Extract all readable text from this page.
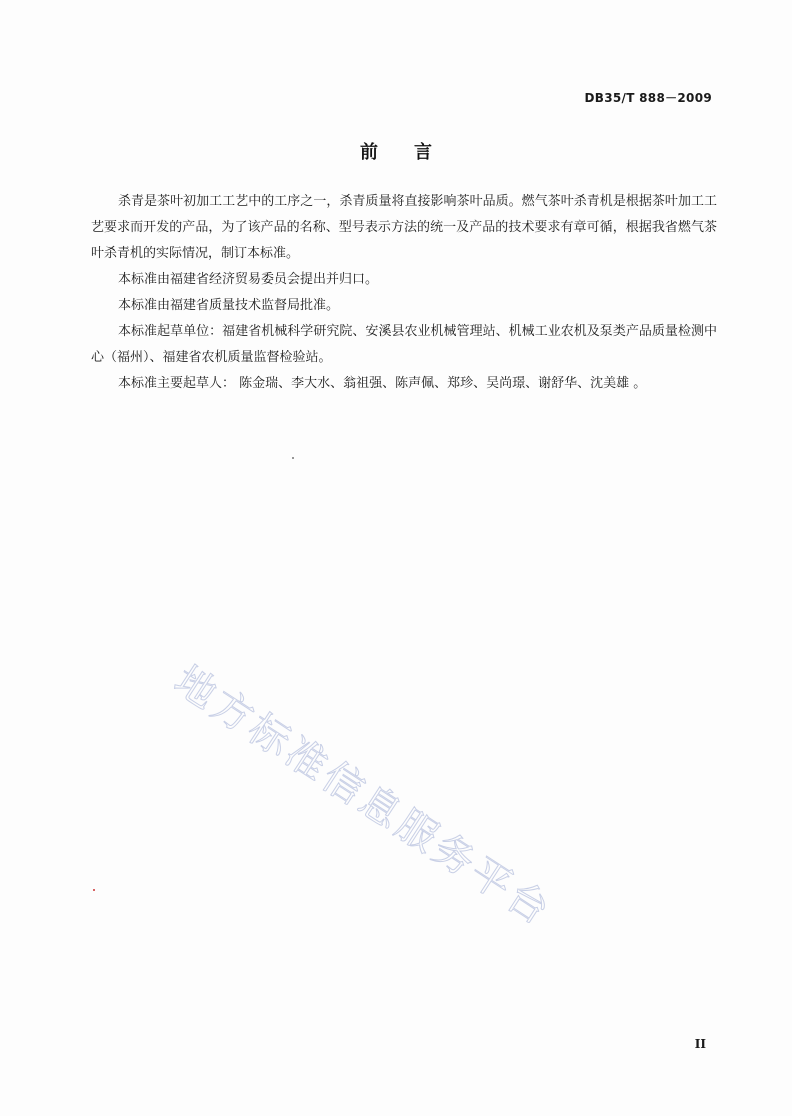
DB35/T 888－2009
前言

杀青是茶叶初加工工艺中的工序之一，杀青质量将直接影响茶叶品质。燃气茶叶杀青机是根据茶叶加工工艺要求而开发的产品，为了该产品的名称、型号表示方法的统一及产品的技术要求有章可循，根据我省燃气茶叶杀青机的实际情况，制订本标准。

本标准由福建省经济贸易委员会提出并归口。

本标准由福建省质量技术监督局批准。

本标准起草单位：福建省机械科学研究院、安溪县农业机械管理站、机械工业农机及泵类产品质量检测中心（福州）、福建省农机质量监督检验站。

本标准主要起草人： 陈金瑞、李大水、翁祖强、陈声佩、郑珍、吴尚璟、谢舒华、沈美雄 。

地方标准信息服务平台
II
